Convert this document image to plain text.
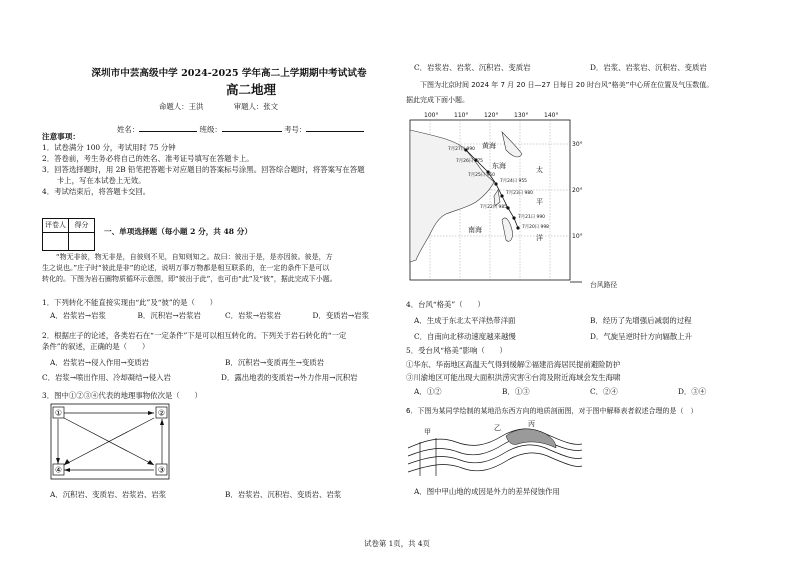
深圳市中芸高级中学 2024-2025 学年高二上学期期中考试试卷
高二地理
命题人：王洪	审题人：张文
姓名：	班级：	考号：
注意事项：
1．试卷满分 100 分，考试用时 75 分钟
2．答卷前，考生务必将自己的姓名、准考证号填写在答题卡上。
3．回答选择题时，用 2B 铅笔把答题卡对应题目的答案标号涂黑。回答综合题时，将答案写在答题
　　卡上，写在本试卷上无效。
4．考试结束后，将答题卡交回。
评卷人	得分

一、单项选择题（每小题 2 分，共 48 分）
“物无非彼，物无非是，自彼则不见，自知则知之。故曰：彼出于是，是亦因彼。彼是，方
生之说也。”庄子时“彼此是非”的论述，说明万事万物都是相互联系的，在一定的条件下是可以
转化的。下图为岩石圈物质循环示意图，即“彼出于此”，也可由“此”及“彼”，据此完成下小题。
1．下列转化不能直接实现由“此”及“彼”的是（　　）
A．岩浆岩→岩浆	B．沉积岩→岩浆岩	C．岩浆→岩浆岩	D．变质岩→岩浆
2．根据庄子的论述，各类岩石在“一定条件”下是可以相互转化的。下列关于岩石转化的“一定
条件”的叙述，正确的是（　　）
A．岩浆岩→侵入作用→变质岩	B．沉积岩→变质再生→变质岩
C．岩浆→喷出作用、冷却凝结→侵入岩	D．露出地表的变质岩→外力作用→沉积岩
3．图中①②③④代表的地理事物依次是（　　）
①	②
③
④
A．沉积岩、变质岩、岩浆岩、岩浆	B．岩浆岩、沉积岩、变质岩、岩浆
C．岩浆岩、岩浆、沉积岩、变质岩	D．岩浆、岩浆岩、沉积岩、变质岩
下图为北京时间 2024 年 7 月 20 日—27 日每日 20 时台风“格美”中心所在位置及气压数值。
据此完成下面小题。
100°	110°	120°	130°	140°
30°
20°
10°
黄海
东海
南海
太
平
洋
7月27日 990
7月26日 975
7月25日 950
7月24日 955
7月23日 980
7月22日 985
7月21日 990
7月20日 998
台风路径
4．台风“格美”（　　）
A．生成于东北太平洋热带洋面	B．经历了先增强后减弱的过程
C．自南向北移动速度越来越慢	D．气旋呈逆时针方向辐散上升
5．受台风“格美”影响（　　）
①华东、华南地区高温天气得到缓解②福建沿海居民提前避险防护
③川渝地区可能出现大面积洪涝灾害④台湾及附近海域会发生海啸
A．①②	B．①③	C．②④	D．③④
6．下图为某同学绘制的某地沿东西方向的地质剖面图，对于图中解释表者叙述合理的是（　）
甲	乙	丙
A．图中甲山地的成因是外力的差异侵蚀作用
试卷第 1页，共 4页
